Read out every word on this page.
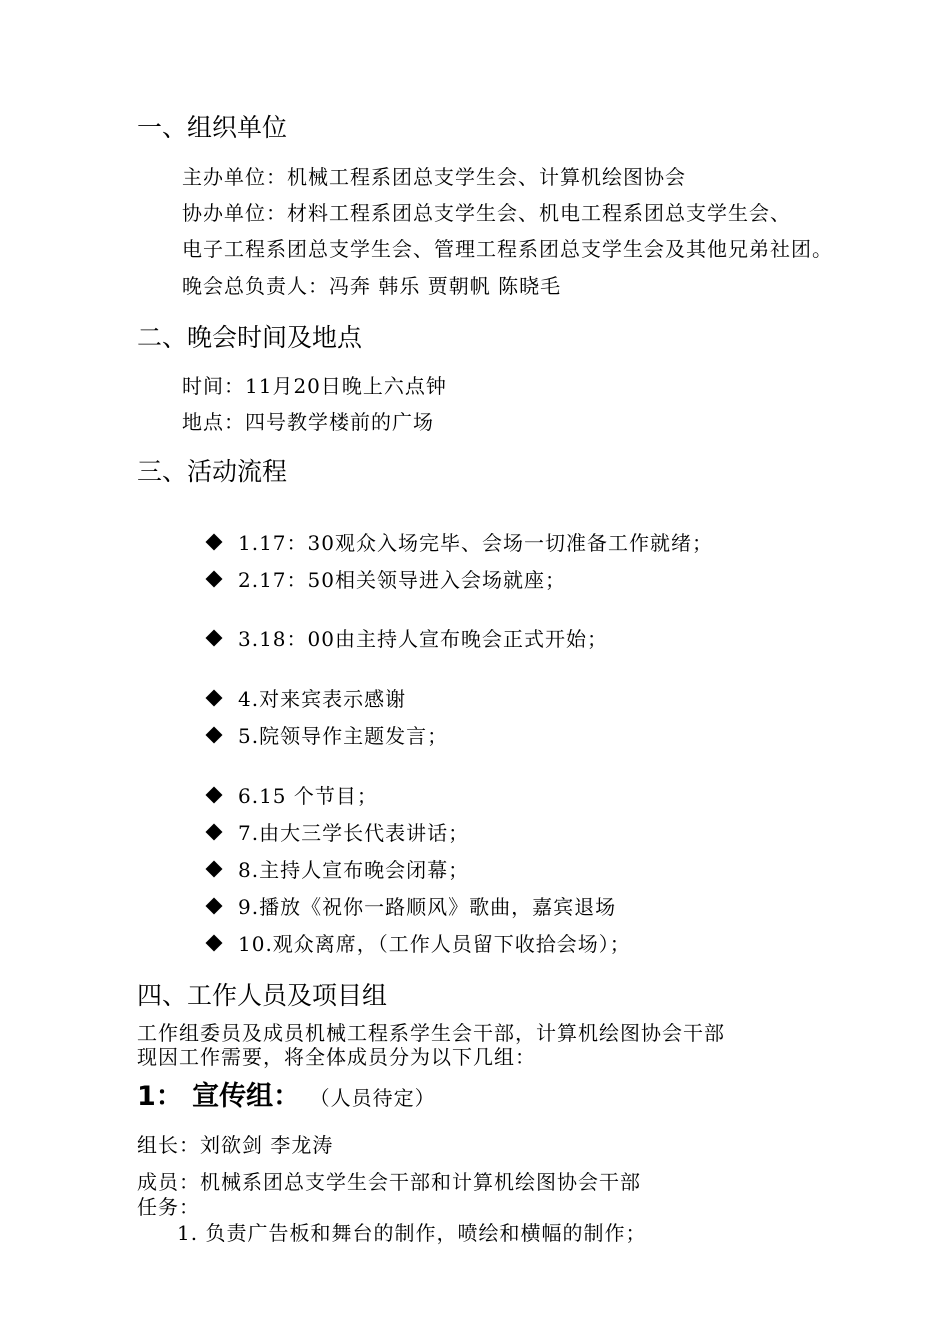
一、组织单位
主办单位：机械工程系团总支学生会、计算机绘图协会
协办单位：材料工程系团总支学生会、机电工程系团总支学生会、
电子工程系团总支学生会、管理工程系团总支学生会及其他兄弟社团。
晚会总负责人：冯奔 韩乐 贾朝帆 陈晓毛
二、晚会时间及地点
时间：11月20日晚上六点钟
地点：四号教学楼前的广场
三、活动流程
1.17：30观众入场完毕、会场一切准备工作就绪；
2.17：50相关领导进入会场就座；
3.18：00由主持人宣布晚会正式开始；
4.对来宾表示感谢
5.院领导作主题发言；
6.15 个节目；
7.由大三学长代表讲话；
8.主持人宣布晚会闭幕；
9.播放《祝你一路顺风》歌曲，嘉宾退场
10.观众离席，（工作人员留下收拾会场）；
四、工作人员及项目组
工作组委员及成员机械工程系学生会干部，计算机绘图协会干部
现因工作需要，将全体成员分为以下几组：
1： 宣传组： （人员待定）
组长：刘欲剑 李龙涛
成员：机械系团总支学生会干部和计算机绘图协会干部
任务：
1. 负责广告板和舞台的制作，喷绘和横幅的制作；
